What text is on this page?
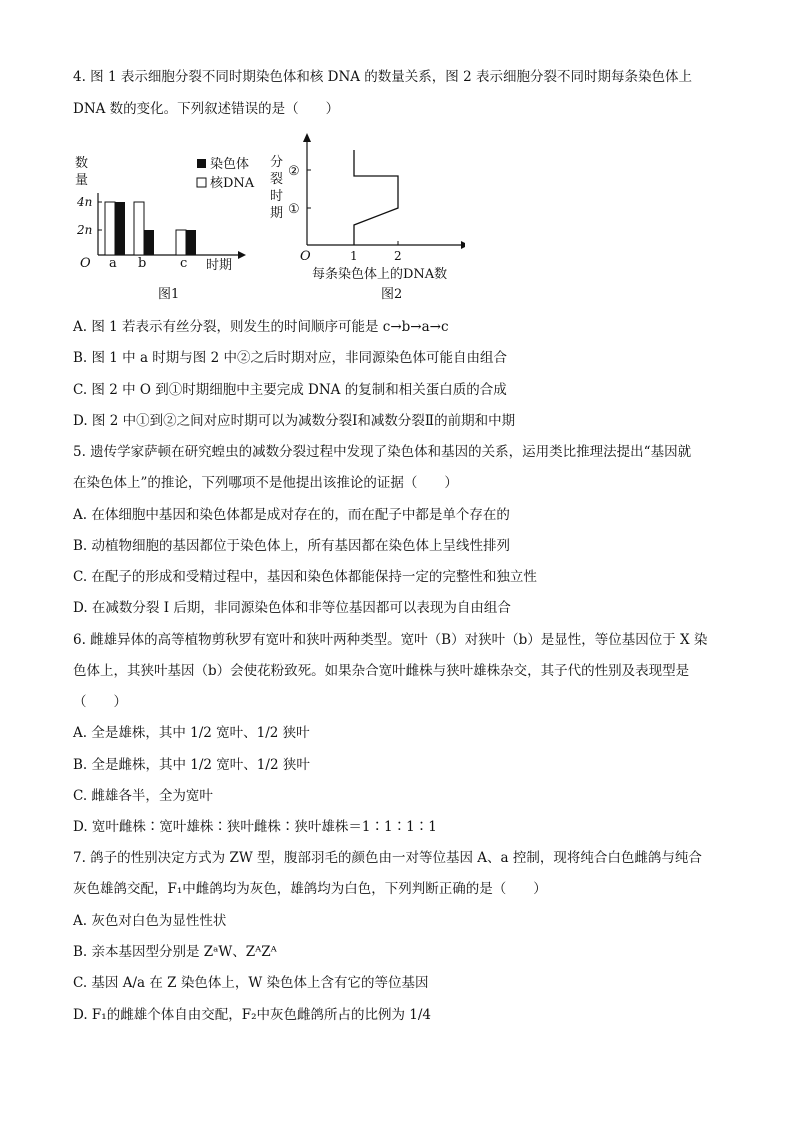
4. 图 1 表示细胞分裂不同时期染色体和核 DNA 的数量关系，图 2 表示细胞分裂不同时期每条染色体上
DNA 数的变化。下列叙述错误的是（　　）
数
量
4n
2n
O a b	c 时期
染色体
核DNA
图1
分
裂
时
期
②
①
1	2
O
每条染色体上的DNA数
图2
A. 图 1 若表示有丝分裂，则发生的时间顺序可能是 c→b→a→c
B. 图 1 中 a 时期与图 2 中②之后时期对应，非同源染色体可能自由组合
C. 图 2 中 O 到①时期细胞中主要完成 DNA 的复制和相关蛋白质的合成
D. 图 2 中①到②之间对应时期可以为减数分裂Ⅰ和减数分裂Ⅱ的前期和中期
5. 遗传学家萨顿在研究蝗虫的减数分裂过程中发现了染色体和基因的关系，运用类比推理法提出“基因就
在染色体上”的推论，下列哪项不是他提出该推论的证据（　　）
A. 在体细胞中基因和染色体都是成对存在的，而在配子中都是单个存在的
B. 动植物细胞的基因都位于染色体上，所有基因都在染色体上呈线性排列
C. 在配子的形成和受精过程中，基因和染色体都能保持一定的完整性和独立性
D. 在减数分裂 I 后期，非同源染色体和非等位基因都可以表现为自由组合
6. 雌雄异体的高等植物剪秋罗有宽叶和狭叶两种类型。宽叶（B）对狭叶（b）是显性，等位基因位于 X 染
色体上，其狭叶基因（b）会使花粉致死。如果杂合宽叶雌株与狭叶雄株杂交，其子代的性别及表现型是
（　　）
A. 全是雄株，其中 1/2 宽叶、1/2 狭叶
B. 全是雌株，其中 1/2 宽叶、1/2 狭叶
C. 雌雄各半，全为宽叶
D. 宽叶雌株∶宽叶雄株∶狭叶雌株∶狭叶雄株＝1∶1∶1∶1
7. 鸽子的性别决定方式为 ZW 型，腹部羽毛的颜色由一对等位基因 A、a 控制，现将纯合白色雌鸽与纯合
灰色雄鸽交配，F₁中雌鸽均为灰色，雄鸽均为白色，下列判断正确的是（　　）
A. 灰色对白色为显性性状
B. 亲本基因型分别是 ZᵃW、ZᴬZᴬ
C. 基因 A/a 在 Z 染色体上，W 染色体上含有它的等位基因
D. F₁的雌雄个体自由交配，F₂中灰色雌鸽所占的比例为 1/4
